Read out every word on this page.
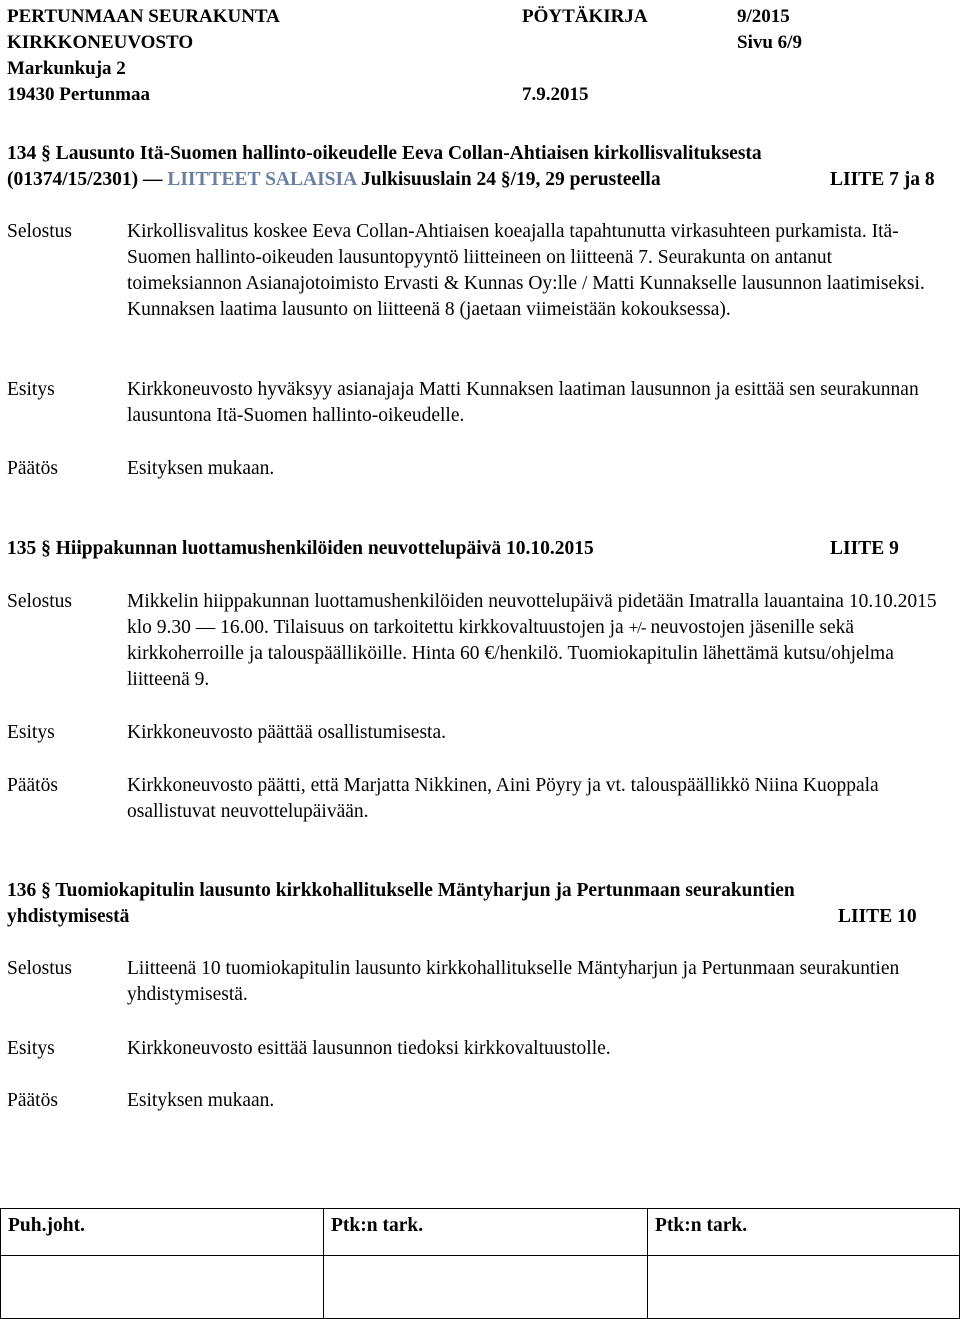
PERTUNMAAN SEURAKUNTA	PÖYTÄKIRJA	9/2015
KIRKKONEUVOSTO	Sivu 6/9
Markunkuja 2
19430 Pertunmaa	7.9.2015
134 § Lausunto Itä-Suomen hallinto-oikeudelle Eeva Collan-Ahtiaisen kirkollisvalituksesta
(01374/15/2301) — LIITTEET SALAISIA Julkisuuslain 24 §/19, 29 perusteella	LIITE 7 ja 8
Selostus	Kirkollisvalitus koskee Eeva Collan-Ahtiaisen koeajalla tapahtunutta virkasuhteen purkamista. Itä-Suomen hallinto-oikeuden lausuntopyyntö liitteineen on liitteenä 7. Seurakunta on antanut toimeksiannon Asianajotoimisto Ervasti & Kunnas Oy:lle / Matti Kunnakselle lausunnon laatimiseksi. Kunnaksen laatima lausunto on liitteenä 8 (jaetaan viimeistään kokouksessa).
Esitys	Kirkkoneuvosto hyväksyy asianajaja Matti Kunnaksen laatiman lausunnon ja esittää sen seurakunnan lausuntona Itä-Suomen hallinto-oikeudelle.
Päätös	Esityksen mukaan.
135 § Hiippakunnan luottamushenkilöiden neuvottelupäivä 10.10.2015	LIITE 9
Selostus	Mikkelin hiippakunnan luottamushenkilöiden neuvottelupäivä pidetään Imatralla lauantaina 10.10.2015 klo 9.30 — 16.00. Tilaisuus on tarkoitettu kirkkovaltuustojen ja +/- neuvostojen jäsenille sekä kirkkoherroille ja talouspäälliköille. Hinta 60 €/henkilö. Tuomiokapitulin lähettämä kutsu/ohjelma liitteenä 9.
Esitys	Kirkkoneuvosto päättää osallistumisesta.
Päätös	Kirkkoneuvosto päätti, että Marjatta Nikkinen, Aini Pöyry ja vt. talouspäällikkö Niina Kuoppala osallistuvat neuvottelupäivään.
136 § Tuomiokapitulin lausunto kirkkohallitukselle Mäntyharjun ja Pertunmaan seurakuntien
yhdistymisestä	LIITE 10
Selostus	Liitteenä 10 tuomiokapitulin lausunto kirkkohallitukselle Mäntyharjun ja Pertunmaan seurakuntien yhdistymisestä.
Esitys	Kirkkoneuvosto esittää lausunnon tiedoksi kirkkovaltuustolle.
Päätös	Esityksen mukaan.
Puh.joht.	Ptk:n tark.	Ptk:n tark.
